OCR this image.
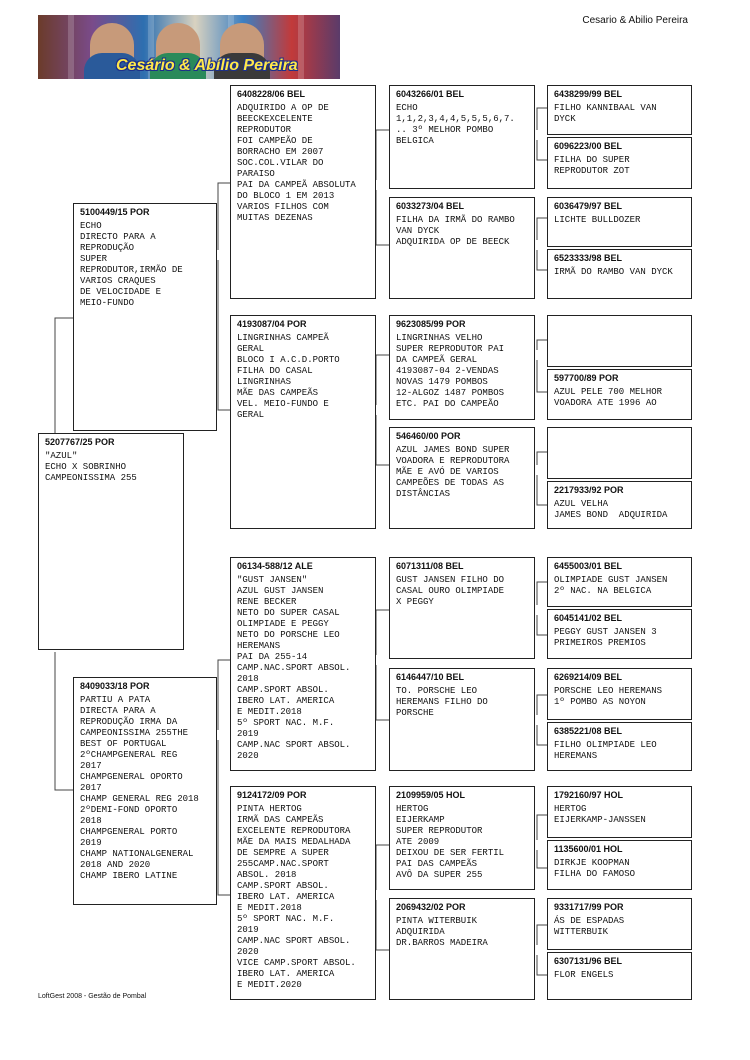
Cesário & Abílio Pereira
Cesario & Abilio Pereira
5207767/25 POR
"AZUL"
ECHO X SOBRINHO
CAMPEONISSIMA 255
5100449/15 POR
ECHO
DIRECTO PARA A
REPRODUÇÃO
SUPER
REPRODUTOR,IRMÃO DE
VARIOS CRAQUES
DE VELOCIDADE E
MEIO-FUNDO
8409033/18 POR
PARTIU A PATA
DIRECTA PARA A
REPRODUÇÃO IRMA DA
CAMPEONISSIMA 255THE
BEST OF PORTUGAL
2ºCHAMPGENERAL REG
2017
CHAMPGENERAL OPORTO
2017
CHAMP GENERAL REG 2018
2ºDEMI-FOND OPORTO
2018
CHAMPGENERAL PORTO
2019
CHAMP NATIONALGENERAL
2018 AND 2020
CHAMP IBERO LATINE
6408228/06 BEL
ADQUIRIDO A OP DE
BEECKEXCELENTE
REPRODUTOR
FOI CAMPEÃO DE
BORRACHO EM 2007
SOC.COL.VILAR DO
PARAISO
PAI DA CAMPEÃ ABSOLUTA
DO BLOCO 1 EM 2013
VARIOS FILHOS COM
MUITAS DEZENAS
4193087/04 POR
LINGRINHAS CAMPEÃ
GERAL
BLOCO I A.C.D.PORTO
FILHA DO CASAL
LINGRINHAS
MÃE DAS CAMPEÃS
VEL. MEIO-FUNDO E
GERAL
06134-588/12 ALE
"GUST JANSEN"
AZUL GUST JANSEN
RENE BECKER
NETO DO SUPER CASAL
OLIMPIADE E PEGGY
NETO DO PORSCHE LEO
HEREMANS
PAI DA 255-14
CAMP.NAC.SPORT ABSOL.
2018
CAMP.SPORT ABSOL.
IBERO LAT. AMERICA
E MEDIT.2018
5º SPORT NAC. M.F.
2019
CAMP.NAC SPORT ABSOL.
2020
9124172/09 POR
PINTA HERTOG
IRMÃ DAS CAMPEÃS
EXCELENTE REPRODUTORA
MÃE DA MAIS MEDALHADA
DE SEMPRE A SUPER
255CAMP.NAC.SPORT
ABSOL. 2018
CAMP.SPORT ABSOL.
IBERO LAT. AMERICA
E MEDIT.2018
5º SPORT NAC. M.F.
2019
CAMP.NAC SPORT ABSOL.
2020
VICE CAMP.SPORT ABSOL.
IBERO LAT. AMERICA
E MEDIT.2020
6043266/01 BEL
ECHO
1,1,2,3,4,4,5,5,5,6,7.
.. 3º MELHOR POMBO
BELGICA
6033273/04 BEL
FILHA DA IRMÃ DO RAMBO
VAN DYCK
ADQUIRIDA OP DE BEECK
9623085/99 POR
LINGRINHAS VELHO
SUPER REPRODUTOR PAI
DA CAMPEÃ GERAL
4193087-04 2-VENDAS
NOVAS 1479 POMBOS
12-ALGOZ 1487 POMBOS
ETC. PAI DO CAMPEÃO
546460/00 POR
AZUL JAMES BOND SUPER
VOADORA E REPRODUTORA
MÃE E AVÓ DE VARIOS
CAMPEÕES DE TODAS AS
DISTÂNCIAS
6071311/08 BEL
GUST JANSEN FILHO DO
CASAL OURO OLIMPIADE
X PEGGY
6146447/10 BEL
TO. PORSCHE LEO
HEREMANS FILHO DO
PORSCHE
2109959/05 HOL
HERTOG
EIJERKAMP
SUPER REPRODUTOR
ATE 2009
DEIXOU DE SER FERTIL
PAI DAS CAMPEÃS
AVÔ DA SUPER 255
2069432/02 POR
PINTA WITERBUIK
ADQUIRIDA
DR.BARROS MADEIRA
6438299/99 BEL
FILHO KANNIBAAL VAN
DYCK
6096223/00 BEL
FILHA DO SUPER
REPRODUTOR ZOT
6036479/97 BEL
LICHTE BULLDOZER
6523333/98 BEL
IRMÃ DO RAMBO VAN DYCK
597700/89 POR
AZUL PELE 700 MELHOR
VOADORA ATE 1996 AO
2217933/92 POR
AZUL VELHA
JAMES BOND  ADQUIRIDA
6455003/01 BEL
OLIMPIADE GUST JANSEN
2º NAC. NA BELGICA
6045141/02 BEL
PEGGY GUST JANSEN 3
PRIMEIROS PREMIOS
6269214/09 BEL
PORSCHE LEO HEREMANS
1º POMBO AS NOYON
6385221/08 BEL
FILHO OLIMPIADE LEO
HEREMANS
1792160/97 HOL
HERTOG
EIJERKAMP-JANSSEN
1135600/01 HOL
DIRKJE KOOPMAN
FILHA DO FAMOSO
9331717/99 POR
ÁS DE ESPADAS
WITTERBUIK
6307131/96 BEL
FLOR ENGELS
LoftGest 2008 - Gestão de Pombal
